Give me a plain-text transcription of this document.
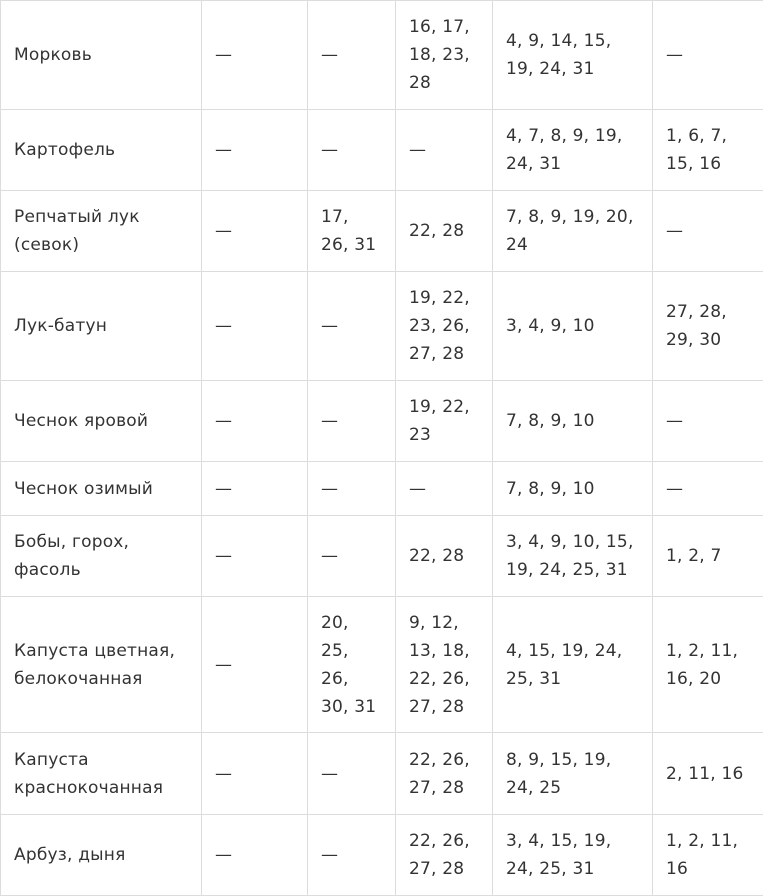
Морковь	—	—	16, 17,
18, 23,
28	4, 9, 14, 15,
19, 24, 31	—
Картофель	—	—	—	4, 7, 8, 9, 19,
24, 31	1, 6, 7,
15, 16
Репчатый лук
(севок)	—	17,
26, 31	22, 28	7, 8, 9, 19, 20,
24	—
Лук-батун	—	—	19, 22,
23, 26,
27, 28	3, 4, 9, 10	27, 28,
29, 30
Чеснок яровой	—	—	19, 22,
23	7, 8, 9, 10	—
Чеснок озимый	—	—	—	7, 8, 9, 10	—
Бобы, горох,
фасоль	—	—	22, 28	3, 4, 9, 10, 15,
19, 24, 25, 31	1, 2, 7
Капуста цветная,
белокочанная	—	20,
25,
26,
30, 31	9, 12,
13, 18,
22, 26,
27, 28	4, 15, 19, 24,
25, 31	1, 2, 11,
16, 20
Капуста
краснокочанная	—	—	22, 26,
27, 28	8, 9, 15, 19,
24, 25	2, 11, 16
Арбуз, дыня	—	—	22, 26,
27, 28	3, 4, 15, 19,
24, 25, 31	1, 2, 11,
16
